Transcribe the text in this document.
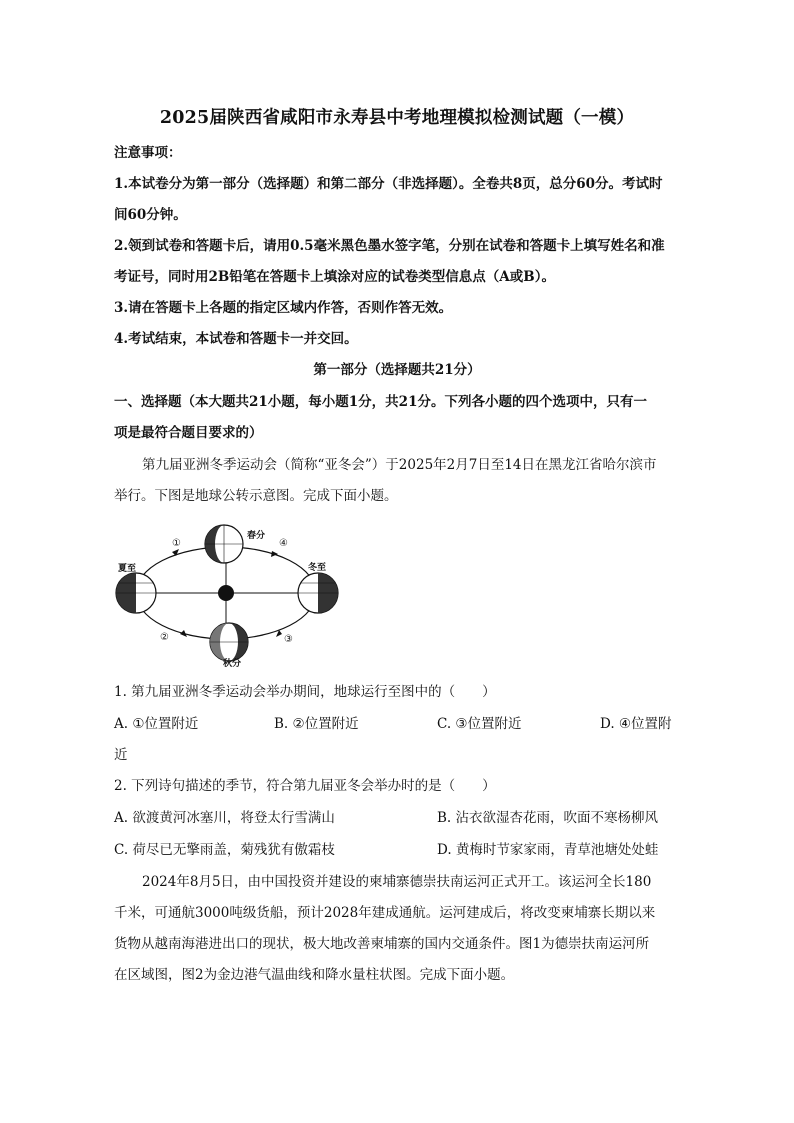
2025届陕西省咸阳市永寿县中考地理模拟检测试题（一模）
注意事项：
1.本试卷分为第一部分（选择题）和第二部分（非选择题）。全卷共8页，总分60分。考试时
间60分钟。
2.领到试卷和答题卡后，请用0.5毫米黑色墨水签字笔，分别在试卷和答题卡上填写姓名和准
考证号，同时用2B铅笔在答题卡上填涂对应的试卷类型信息点（A或B）。
3.请在答题卡上各题的指定区域内作答，否则作答无效。
4.考试结束，本试卷和答题卡一并交回。
第一部分（选择题共21分）
一、选择题（本大题共21小题，每小题1分，共21分。下列各小题的四个选项中，只有一
项是最符合题目要求的）
第九届亚洲冬季运动会（简称“亚冬会”）于2025年2月7日至14日在黑龙江省哈尔滨市
举行。下图是地球公转示意图。完成下面小题。
春分
夏至	冬至
秋分
①
②	③
④
1. 第九届亚洲冬季运动会举办期间，地球运行至图中的（　　）
A. ①位置附近	B. ②位置附近	C. ③位置附近	D. ④位置附
近
2. 下列诗句描述的季节，符合第九届亚冬会举办时的是（　　）
A. 欲渡黄河冰塞川，将登太行雪满山	B. 沾衣欲湿杏花雨，吹面不寒杨柳风
C. 荷尽已无擎雨盖，菊残犹有傲霜枝	D. 黄梅时节家家雨，青草池塘处处蛙
2024年8月5日，由中国投资并建设的柬埔寨德崇扶南运河正式开工。该运河全长180
千米，可通航3000吨级货船，预计2028年建成通航。运河建成后，将改变柬埔寨长期以来
货物从越南海港进出口的现状，极大地改善柬埔寨的国内交通条件。图1为德崇扶南运河所
在区域图，图2为金边港气温曲线和降水量柱状图。完成下面小题。
